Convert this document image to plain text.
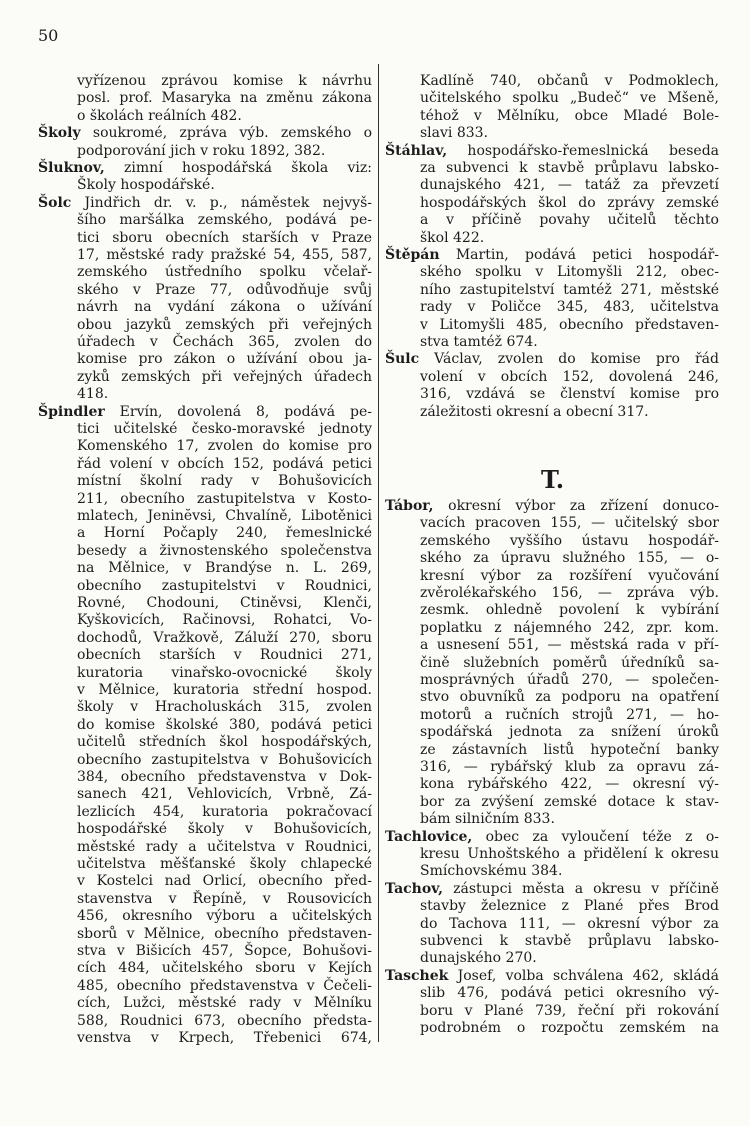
50
vyřízenou zprávou komise k návrhu
posl. prof. Masaryka na změnu zákona
o školách reálních 482.
Školy soukromé, zpráva výb. zemského o
podporování jich v roku 1892, 382.
Šluknov, zimní hospodářská škola viz:
Školy hospodářské.
Šolc Jindřich dr. v. p., náměstek nejvyš-
šího maršálka zemského, podává pe-
tici sboru obecních starších v Praze
17, městské rady pražské 54, 455, 587,
zemského ústředního spolku včelař-
ského v Praze 77, odůvodňuje svůj
návrh na vydání zákona o užívání
obou jazyků zemských při veřejných
úřadech v Čechách 365, zvolen do
komise pro zákon o užívání obou ja-
zyků zemských při veřejných úřadech
418.
Špindler Ervín, dovolená 8, podává pe-
tici učitelské česko-moravské jednoty
Komenského 17, zvolen do komise pro
řád volení v obcích 152, podává petici
místní školní rady v Bohušovicích
211, obecního zastupitelstva v Kosto-
mlatech, Jeninĕvsi, Chvalíně, Libotěnici
a Horní Počaply 240, řemeslnické
besedy a živnostenského společenstva
na Mělnice, v Brandýse n. L. 269,
obecního zastupitelstvi v Roudnici,
Rovné, Chodouni, Ctiněvsi, Klenči,
Kyškovicích, Račinovsi, Rohatci, Vo-
dochodů, Vražkově, Záluží 270, sboru
obecních starších v Roudnici 271,
kuratoria vinařsko-ovocnické školy
v Mělnice, kuratoria střední hospod.
školy v Hracholuskách 315, zvolen
do komise školské 380, podává petici
učitelů středních škol hospodářských,
obecního zastupitelstva v Bohušovicích
384, obecního představenstva v Dok-
sanech 421, Vehlovicích, Vrbně, Zá-
lezlicích 454, kuratoria pokračovací
hospodářské školy v Bohušovicích,
městské rady a učitelstva v Roudnici,
učitelstva měšťanské školy chlapecké
v Kostelci nad Orlicí, obecního před-
stavenstva v Řepíně, v Rousovicích
456, okresního výboru a učitelských
sborů v Mělnice, obecního představen-
stva v Bišicích 457, Šopce, Bohušovi-
cích 484, učitelského sboru v Kejích
485, obecního představenstva v Čečeli-
cích, Lužci, městské rady v Mělníku
588, Roudnici 673, obecního předsta-
venstva v Krpech, Třebenici 674,
Kadlíně 740, občanů v Podmoklech,
učitelského spolku „Budeč“ ve Mšeně,
téhož v Mělníku, obce Mladé Bole-
slavi 833.
Štáhlav, hospodářsko-řemeslnická beseda
za subvenci k stavbě průplavu labsko-
dunajského 421, — tatáž za převzetí
hospodářských škol do zprávy zemské
a v příčině povahy učitelů těchto
škol 422.
Štěpán Martin, podává petici hospodář-
ského spolku v Litomyšli 212, obec-
ního zastupitelství tamtéž 271, městské
rady v Poličce 345, 483, učitelstva
v Litomyšli 485, obecního představen-
stva tamtéž 674.
Šulc Václav, zvolen do komise pro řád
volení v obcích 152, dovolená 246,
316, vzdává se členství komise pro
záležitosti okresní a obecní 317.
Tábor, okresní výbor za zřízení donuco-
vacích pracoven 155, — učitelský sbor
zemského vyššího ústavu hospodář-
ského za úpravu služného 155, — o-
kresní výbor za rozšíření vyučování
zvěrolékařského 156, — zpráva výb.
zesmk. ohledně povolení k vybírání
poplatku z nájemného 242, zpr. kom.
a usnesení 551, — městská rada v pří-
čině služebních poměrů úředníků sa-
mosprávných úřadů 270, — společen-
stvo obuvníků za podporu na opatření
motorů a ručních strojů 271, — ho-
spodářská jednota za snížení úroků
ze zástavních listů hypoteční banky
316, — rybářský klub za opravu zá-
kona rybářského 422, — okresní vý-
bor za zvýšení zemské dotace k stav-
bám silničním 833.
Tachlovice, obec za vyloučení téže z o-
kresu Unhoštského a přidělení k okresu
Smíchovskému 384.
Tachov, zástupci města a okresu v příčině
stavby železnice z Plané přes Brod
do Tachova 111, — okresní výbor za
subvenci k stavbě průplavu labsko-
dunajského 270.
Taschek Josef, volba schválena 462, skládá
slib 476, podává petici okresního vý-
boru v Plané 739, řeční při rokování
podrobném o rozpočtu zemském na
T.
